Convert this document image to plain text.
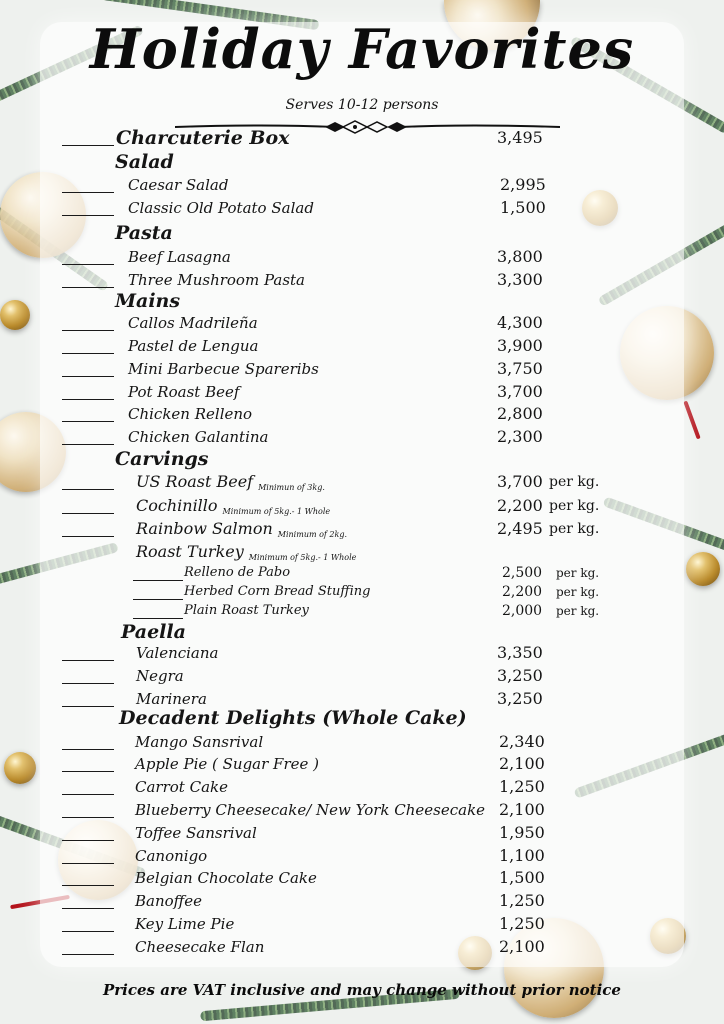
Holiday Favorites
Serves 10-12 persons
Charcuterie Box	3,495
Salad
Pasta
Mains
Carvings
Paella
Decadent Delights (Whole Cake)
Caesar Salad	2,995
Classic Old Potato Salad	1,500
Beef Lasagna	3,800
Three Mushroom Pasta	3,300
Callos Madrileña	4,300
Pastel de Lengua	3,900
Mini Barbecue Spareribs	3,750
Pot Roast Beef	3,700
Chicken Relleno	2,800
Chicken Galantina	2,300
US Roast Beef Minimun of 3kg.	3,700 per kg.
Cochinillo Minimum of 5kg.- 1 Whole	2,200 per kg.
Rainbow Salmon Minimum of 2kg.	2,495 per kg.
Roast Turkey Minimum of 5kg.- 1 Whole
Relleno de Pabo	2,500 per kg.
Herbed Corn Bread Stuffing	2,200 per kg.
Plain Roast Turkey	2,000 per kg.
Valenciana	3,350
Negra	3,250
Marinera	3,250
Mango Sansrival	2,340
Apple Pie ( Sugar Free )	2,100
Carrot Cake	1,250
Blueberry Cheesecake/ New York Cheesecake 2,100
Toffee Sansrival	1,950
Canonigo	1,100
Belgian Chocolate Cake	1,500
Banoffee	1,250
Key Lime Pie	1,250
Cheesecake Flan	2,100
Prices are VAT inclusive and may change without prior notice
